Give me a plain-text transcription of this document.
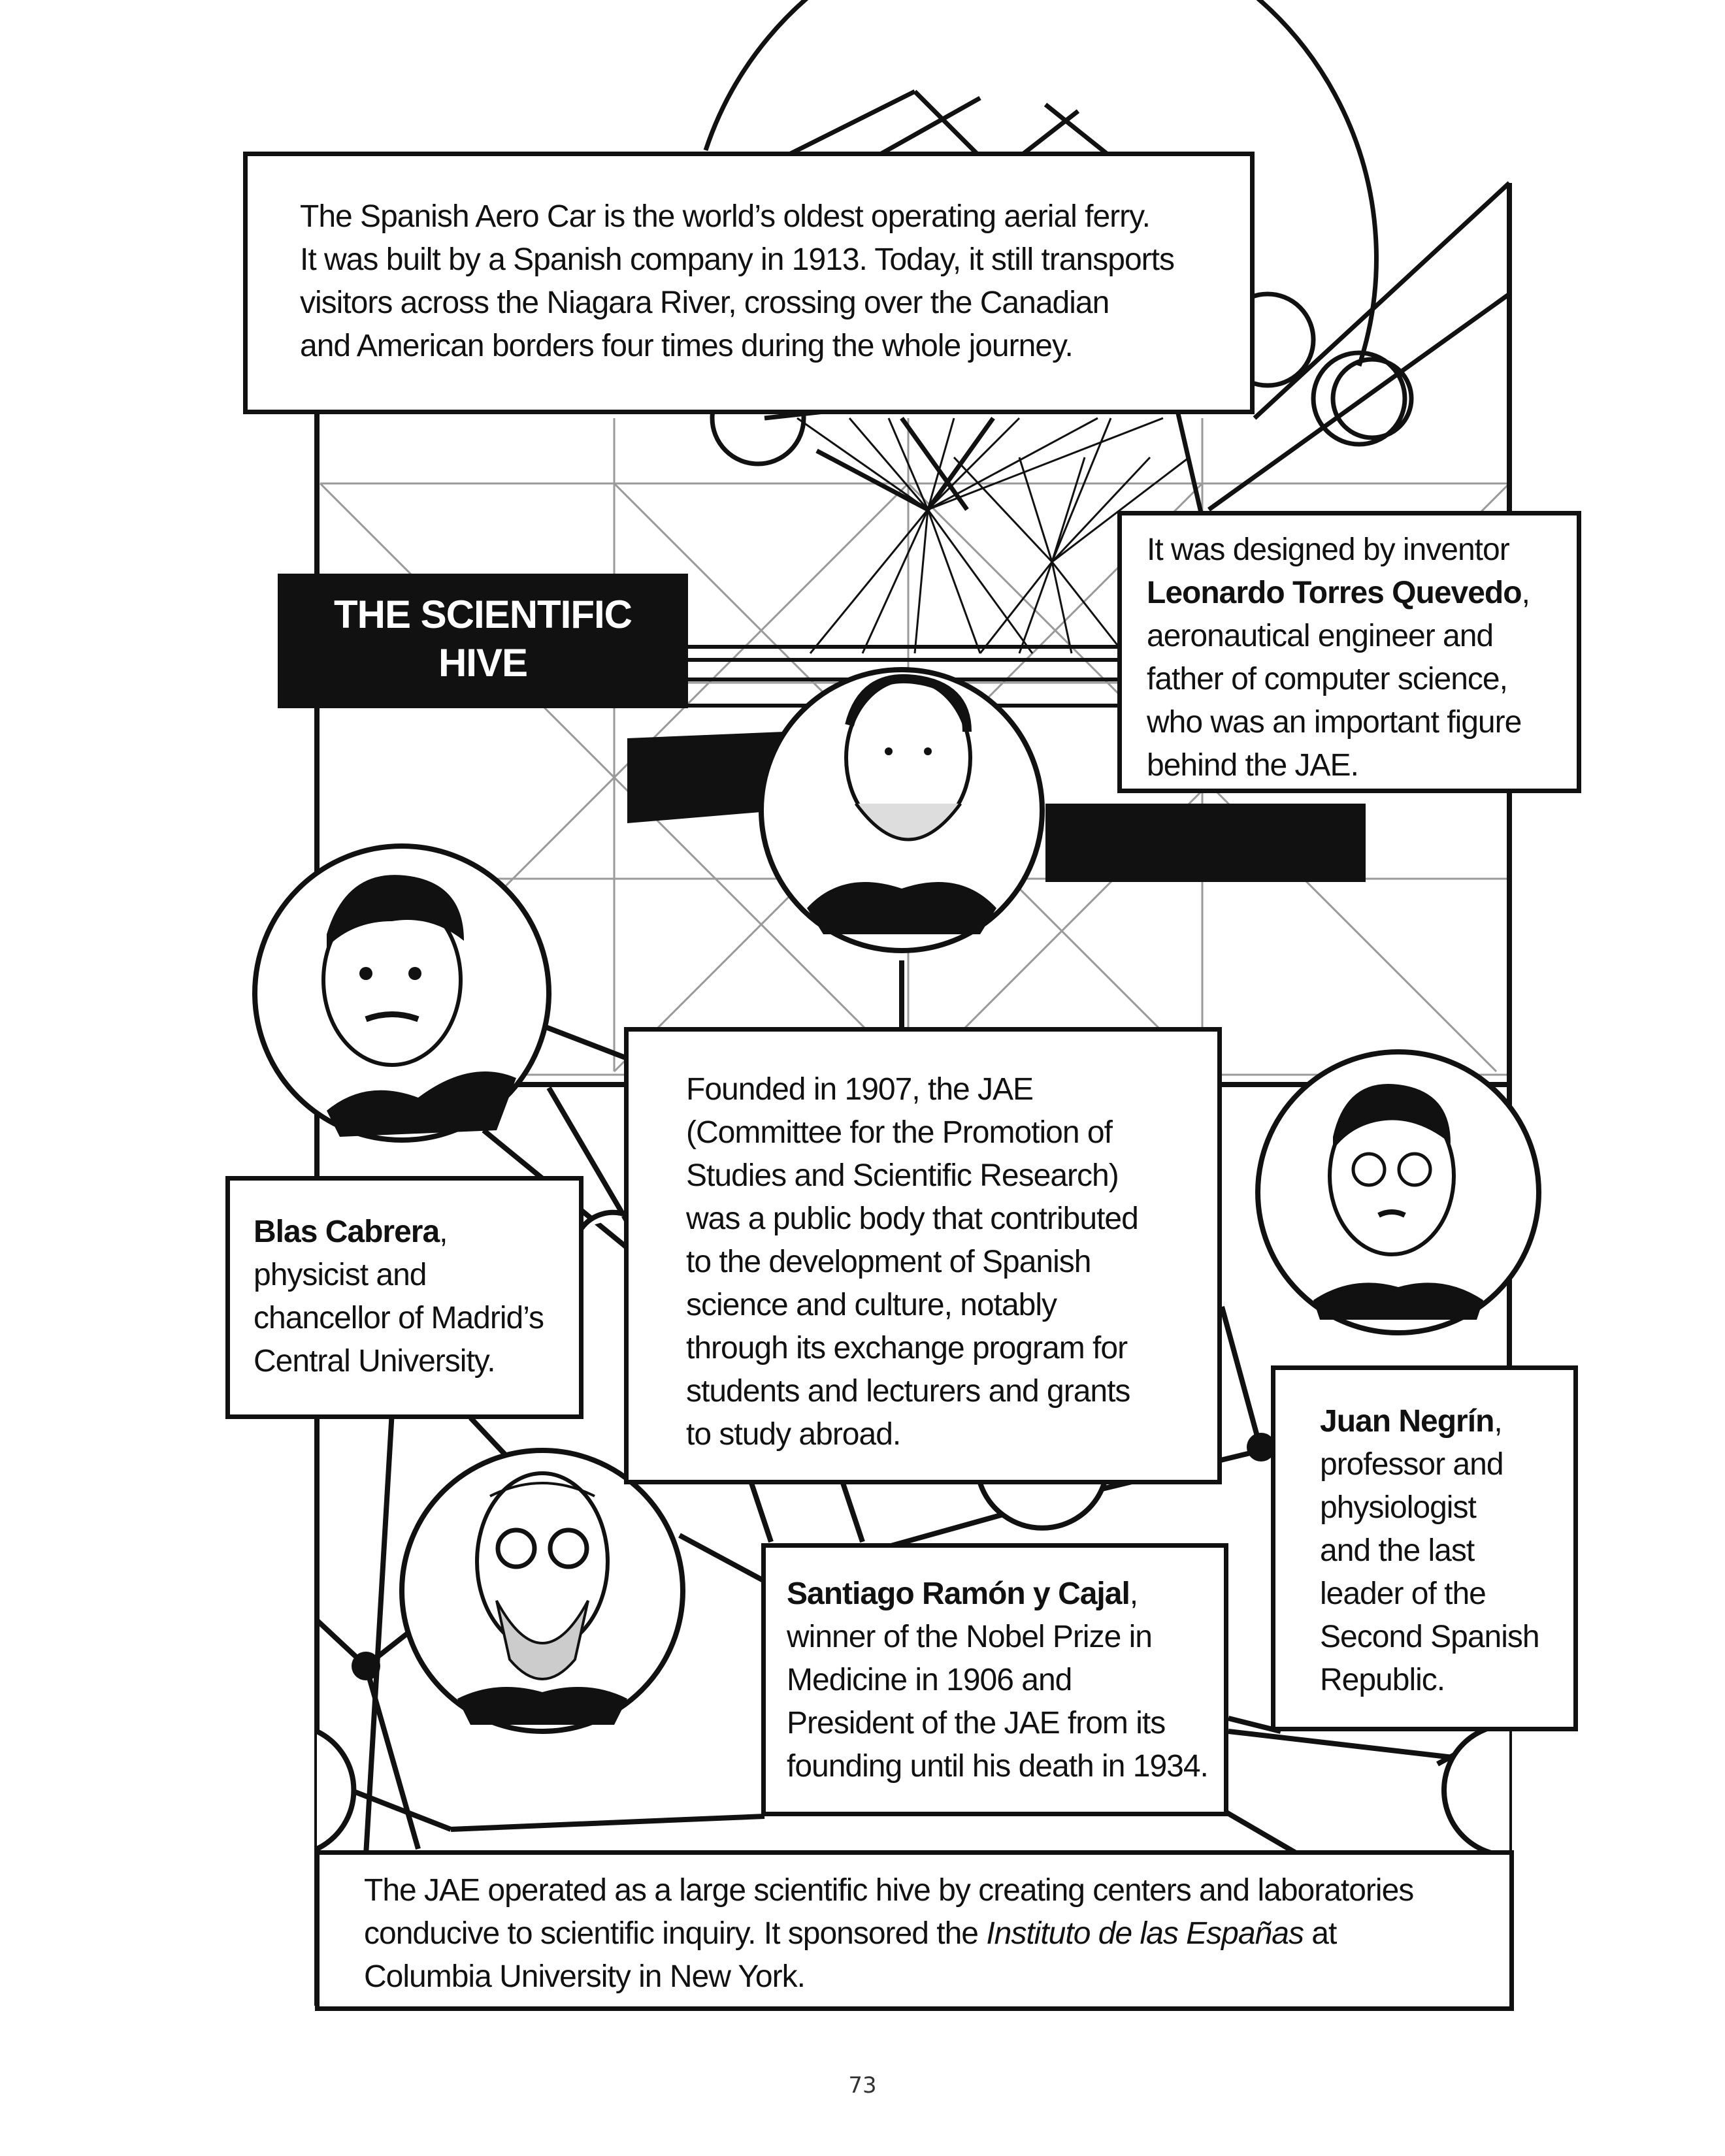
THE SCIENTIFIC
HIVE
The Spanish Aero Car is the world’s oldest operating aerial ferry.
It was built by a Spanish company in 1913. Today, it still transports
visitors across the Niagara River, crossing over the Canadian
and American borders four times during the whole journey.
It was designed by inventor
Leonardo Torres Quevedo,
aeronautical engineer and
father of computer science,
who was an important figure
behind the JAE.
Founded in 1907, the JAE
(Committee for the Promotion of
Studies and Scientific Research)
was a public body that contributed
to the development of Spanish
science and culture, notably
through its exchange program for
students and lecturers and grants
to study abroad.
Blas Cabrera,
physicist and
chancellor of Madrid’s
Central University.
Juan Negrín,
professor and
physiologist
and the last
leader of the
Second Spanish
Republic.
Santiago Ramón y Cajal,
winner of the Nobel Prize in
Medicine in 1906 and
President of the JAE from its
founding until his death in 1934.
The JAE operated as a large scientific hive by creating centers and laboratories
conducive to scientific inquiry. It sponsored the Instituto de las Españas at
Columbia University in New York.
73
